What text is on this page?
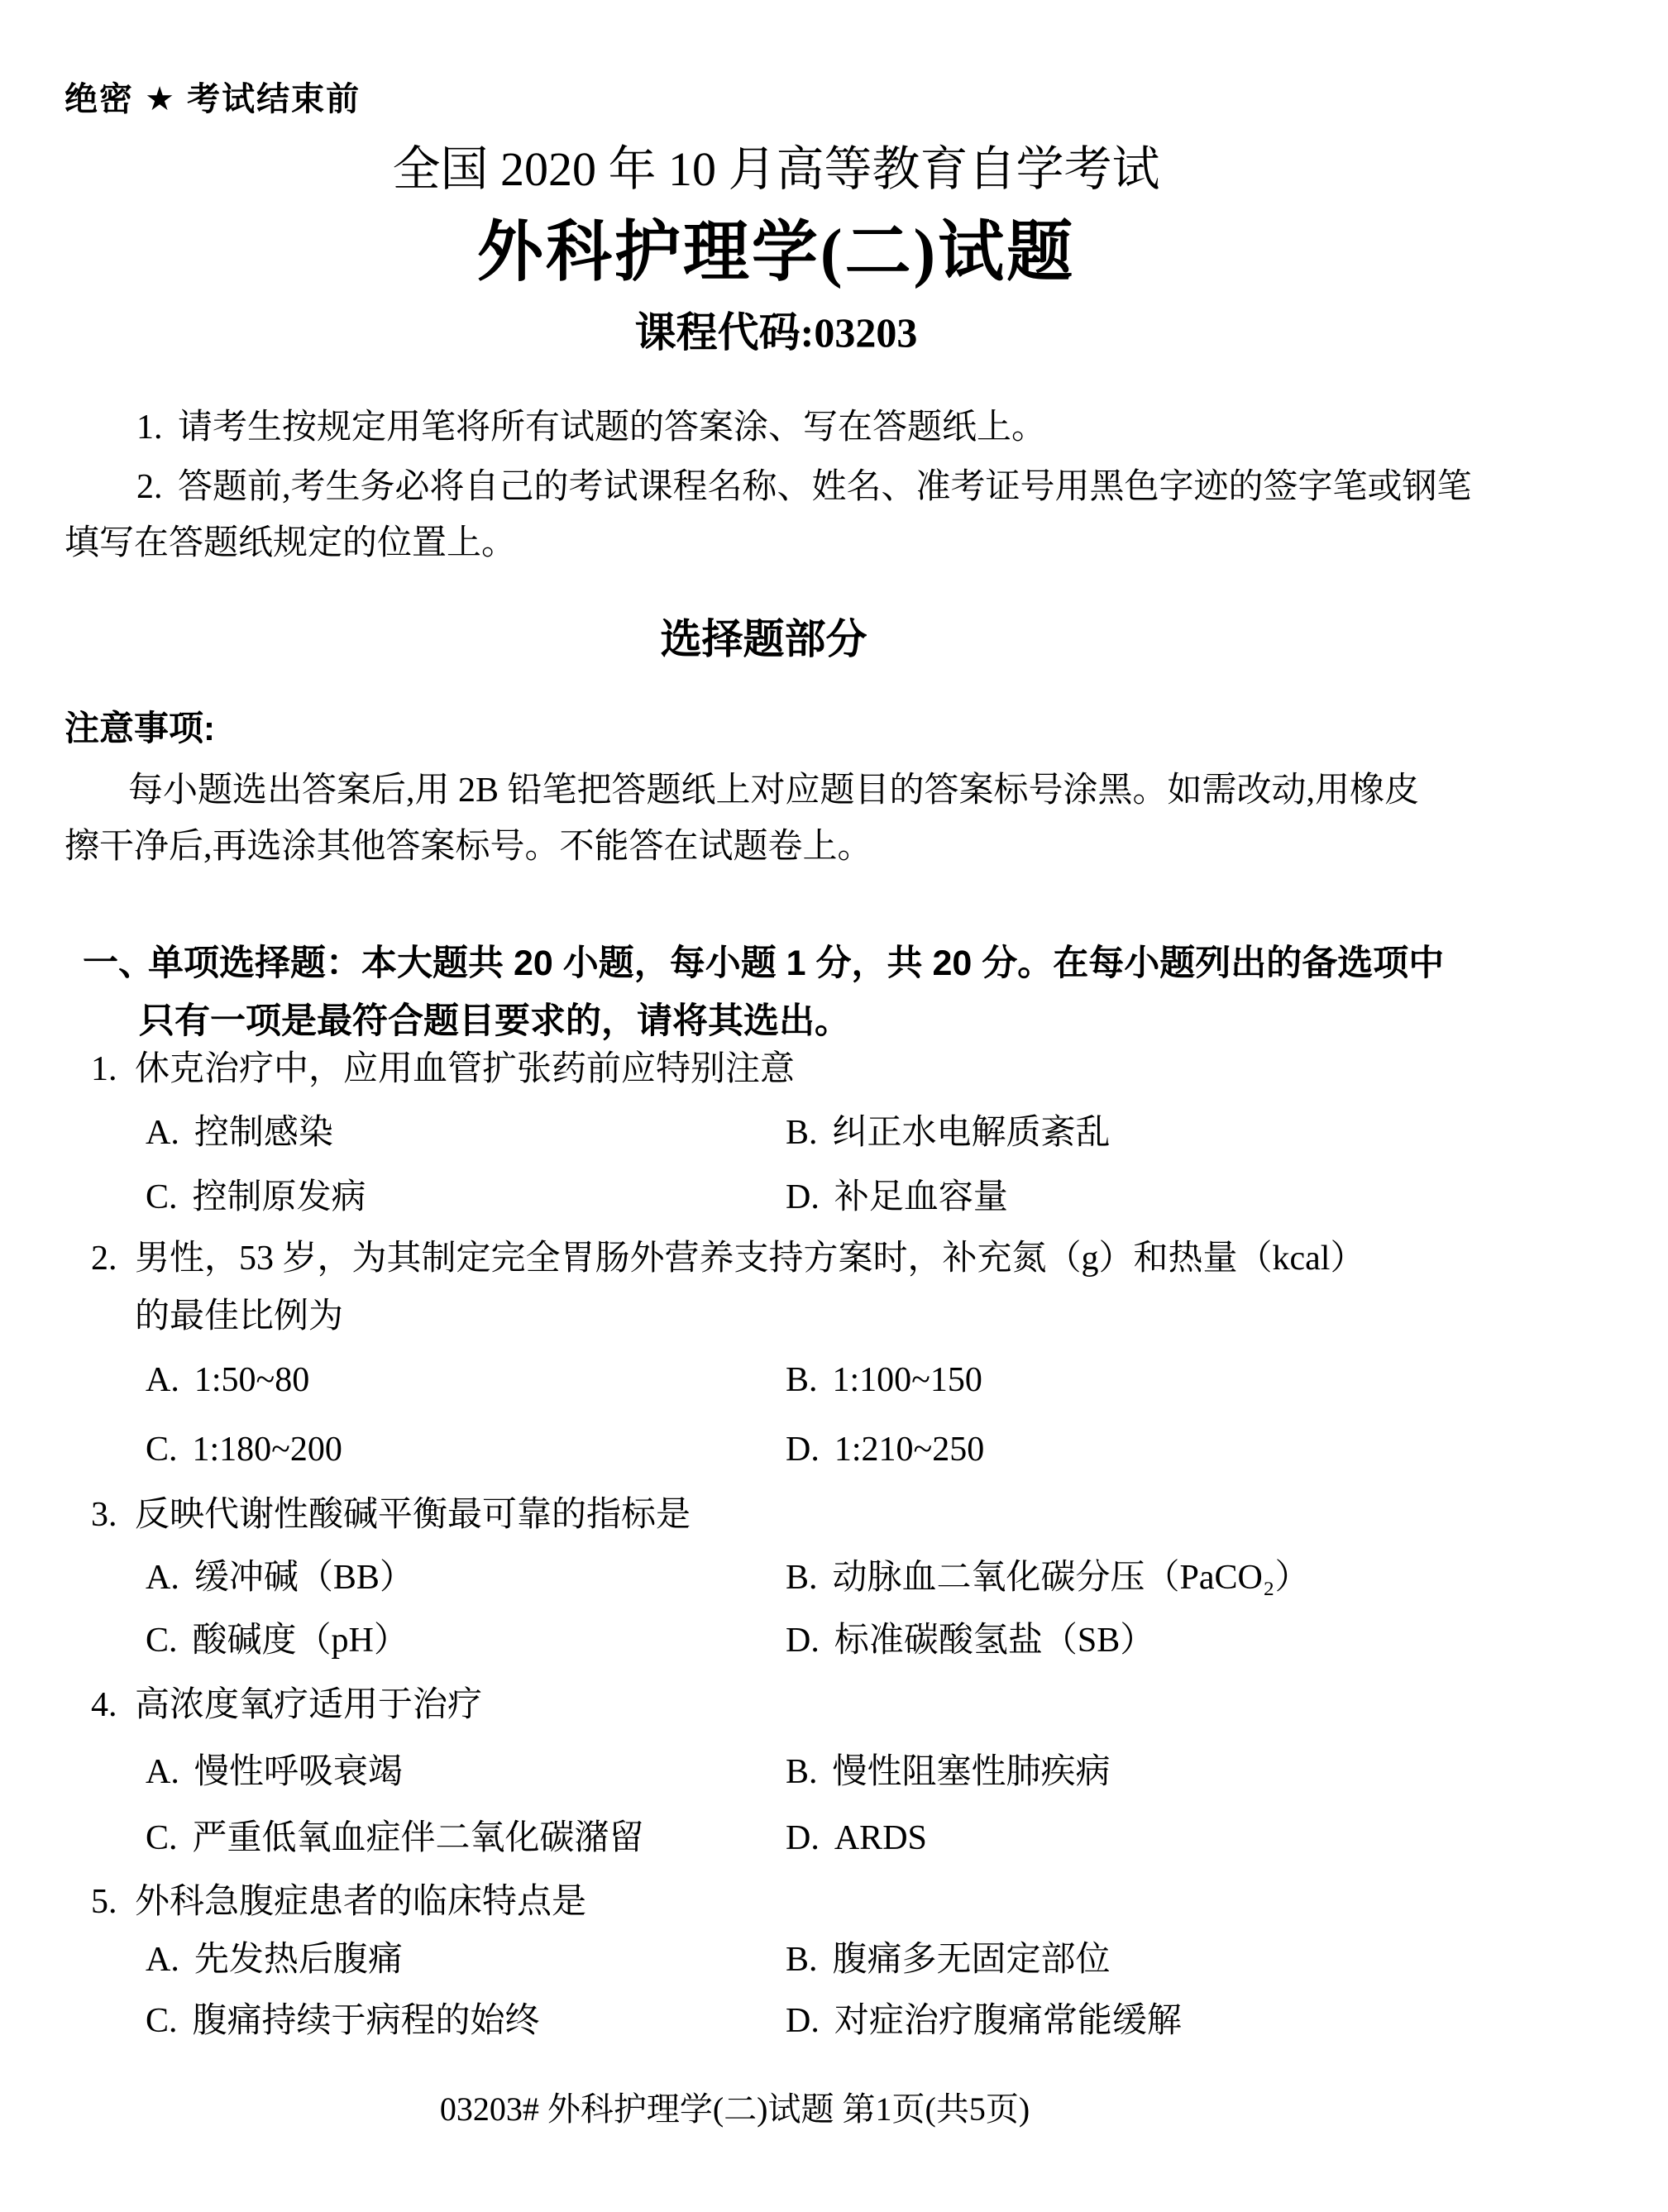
绝密 ★ 考试结束前
全国 2020 年 10 月高等教育自学考试
外科护理学(二)试题
课程代码:03203
1. 请考生按规定用笔将所有试题的答案涂、写在答题纸上。
2. 答题前,考生务必将自己的考试课程名称、姓名、准考证号用黑色字迹的签字笔或钢笔
填写在答题纸规定的位置上。
选择题部分
注意事项:
每小题选出答案后,用 2B 铅笔把答题纸上对应题目的答案标号涂黑。如需改动,用橡皮
擦干净后,再选涂其他答案标号。不能答在试题卷上。
一、单项选择题：本大题共 20 小题，每小题 1 分，共 20 分。在每小题列出的备选项中
只有一项是最符合题目要求的，请将其选出。
1. 休克治疗中，应用血管扩张药前应特别注意
A. 控制感染	B. 纠正水电解质紊乱
C. 控制原发病	D. 补足血容量
2. 男性，53 岁，为其制定完全胃肠外营养支持方案时，补充氮（g）和热量（kcal）
的最佳比例为
A. 1:50~80	B. 1:100~150
C. 1:180~200	D. 1:210~250
3. 反映代谢性酸碱平衡最可靠的指标是
A. 缓冲碱（BB）	B. 动脉血二氧化碳分压（PaCO₂）
C. 酸碱度（pH）	D. 标准碳酸氢盐（SB）
4. 高浓度氧疗适用于治疗
A. 慢性呼吸衰竭	B. 慢性阻塞性肺疾病
C. 严重低氧血症伴二氧化碳潴留	D. ARDS
5. 外科急腹症患者的临床特点是
A. 先发热后腹痛	B. 腹痛多无固定部位
C. 腹痛持续于病程的始终	D. 对症治疗腹痛常能缓解
03203# 外科护理学(二)试题 第1页(共5页)
